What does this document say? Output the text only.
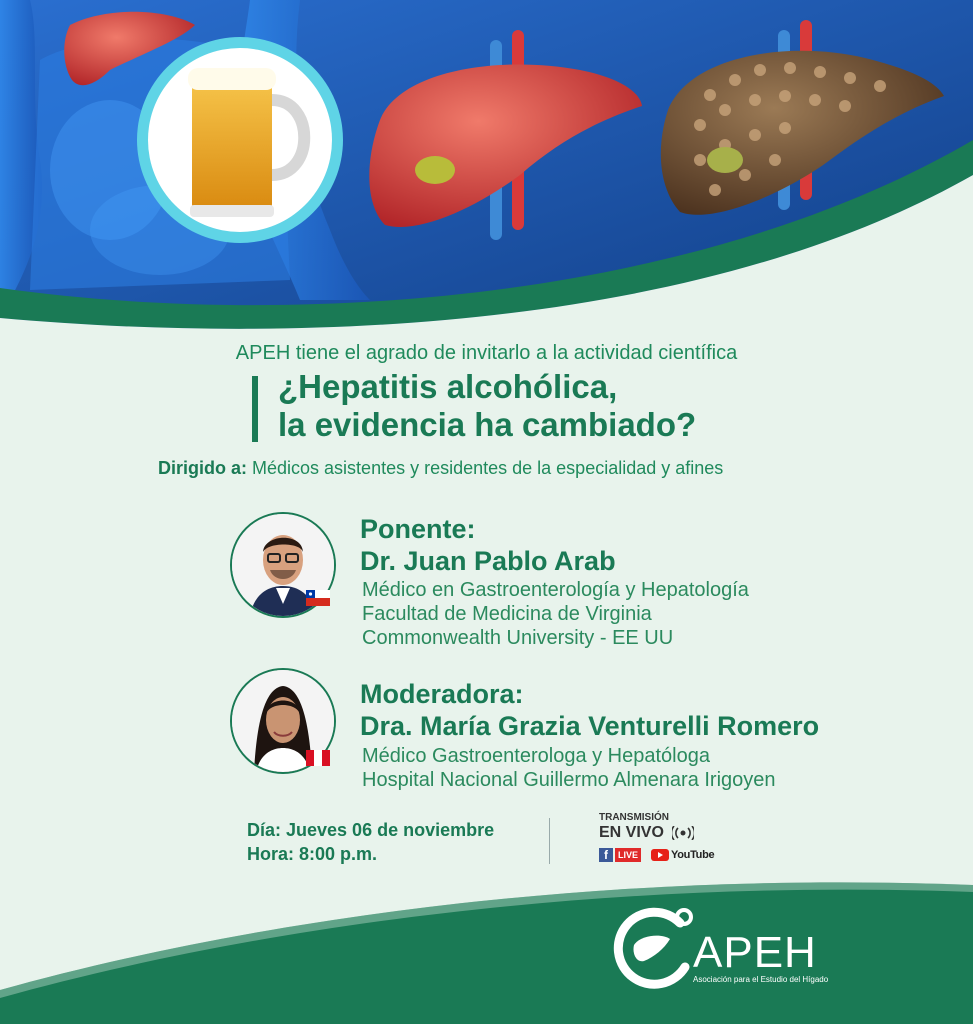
APEH tiene el agrado de invitarlo a la actividad científica
¿Hepatitis alcohólica,
la evidencia ha cambiado?
Dirigido a: Médicos asistentes y residentes de la especialidad y afines
Ponente:
Dr. Juan Pablo Arab
Médico en Gastroenterología y Hepatología
Facultad de Medicina de Virginia
Commonwealth University - EE UU
Moderadora:
Dra. María Grazia Venturelli Romero
Médico Gastroenterologa y Hepatóloga
Hospital Nacional Guillermo Almenara Irigoyen
Día: Jueves 06 de noviembre
Hora: 8:00 p.m.
TRANSMISIÓN
EN VIVO
f	LIVE	YouTube
APEH
Asociación para el Estudio del Hígado
